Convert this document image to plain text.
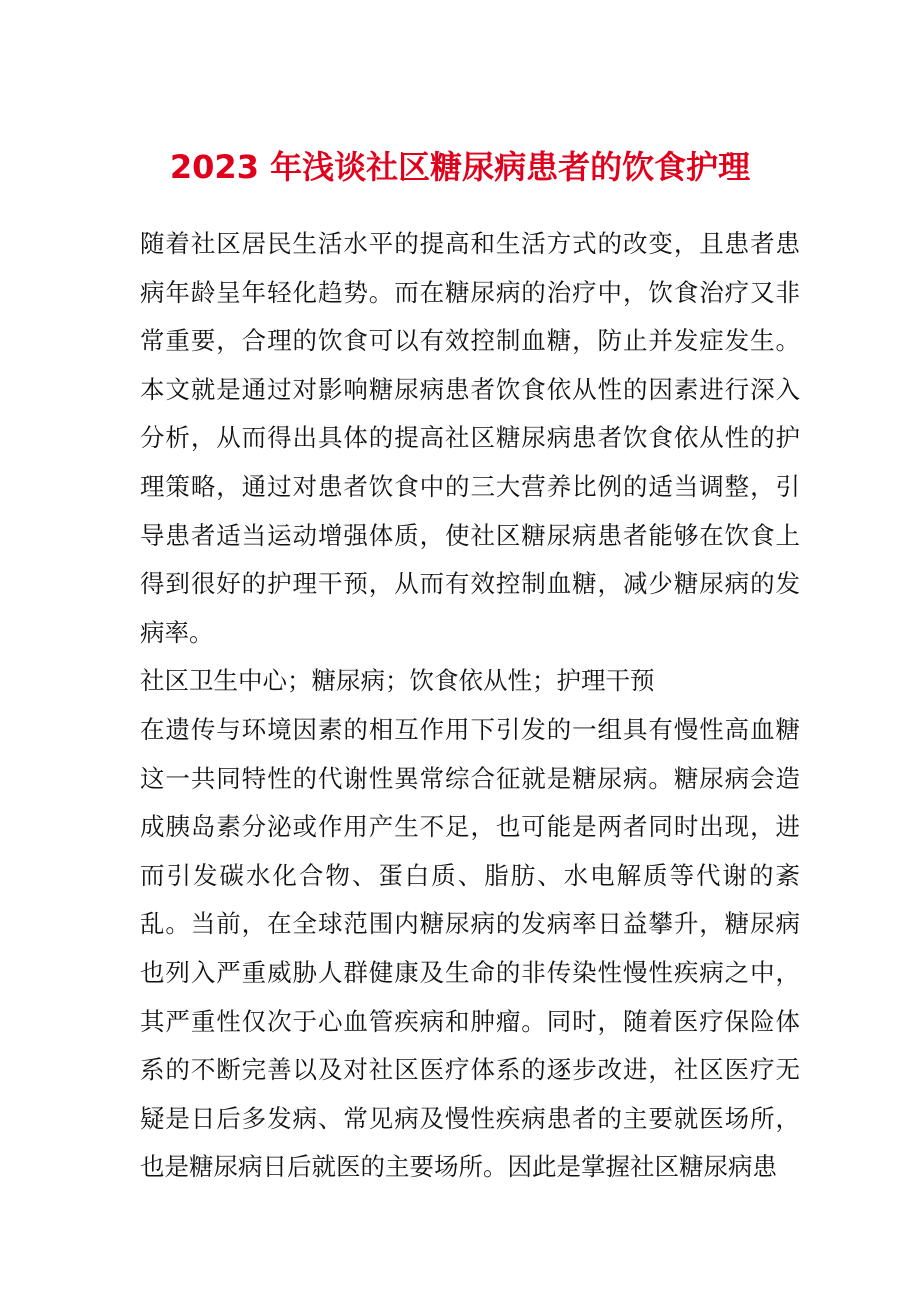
2023 年浅谈社区糖尿病患者的饮食护理

随着社区居民生活水平的提高和生活方式的改变，且患者患病年龄呈年轻化趋势。而在糖尿病的治疗中，饮食治疗又非常重要，合理的饮食可以有效控制血糖，防止并发症发生。本文就是通过对影响糖尿病患者饮食依从性的因素进行深入分析，从而得出具体的提高社区糖尿病患者饮食依从性的护理策略，通过对患者饮食中的三大营养比例的适当调整，引导患者适当运动增强体质，使社区糖尿病患者能够在饮食上得到很好的护理干预，从而有效控制血糖，减少糖尿病的发病率。

社区卫生中心；糖尿病；饮食依从性；护理干预

在遗传与环境因素的相互作用下引发的一组具有慢性高血糖这一共同特性的代谢性異常综合征就是糖尿病。糖尿病会造成胰岛素分泌或作用产生不足，也可能是两者同时出现，进而引发碳水化合物、蛋白质、脂肪、水电解质等代谢的紊乱。当前，在全球范围内糖尿病的发病率日益攀升，糖尿病也列入严重威胁人群健康及生命的非传染性慢性疾病之中，其严重性仅次于心血管疾病和肿瘤。同时，随着医疗保险体系的不断完善以及对社区医疗体系的逐步改进，社区医疗无疑是日后多发病、常见病及慢性疾病患者的主要就医场所，也是糖尿病日后就医的主要场所。因此是掌握社区糖尿病患
